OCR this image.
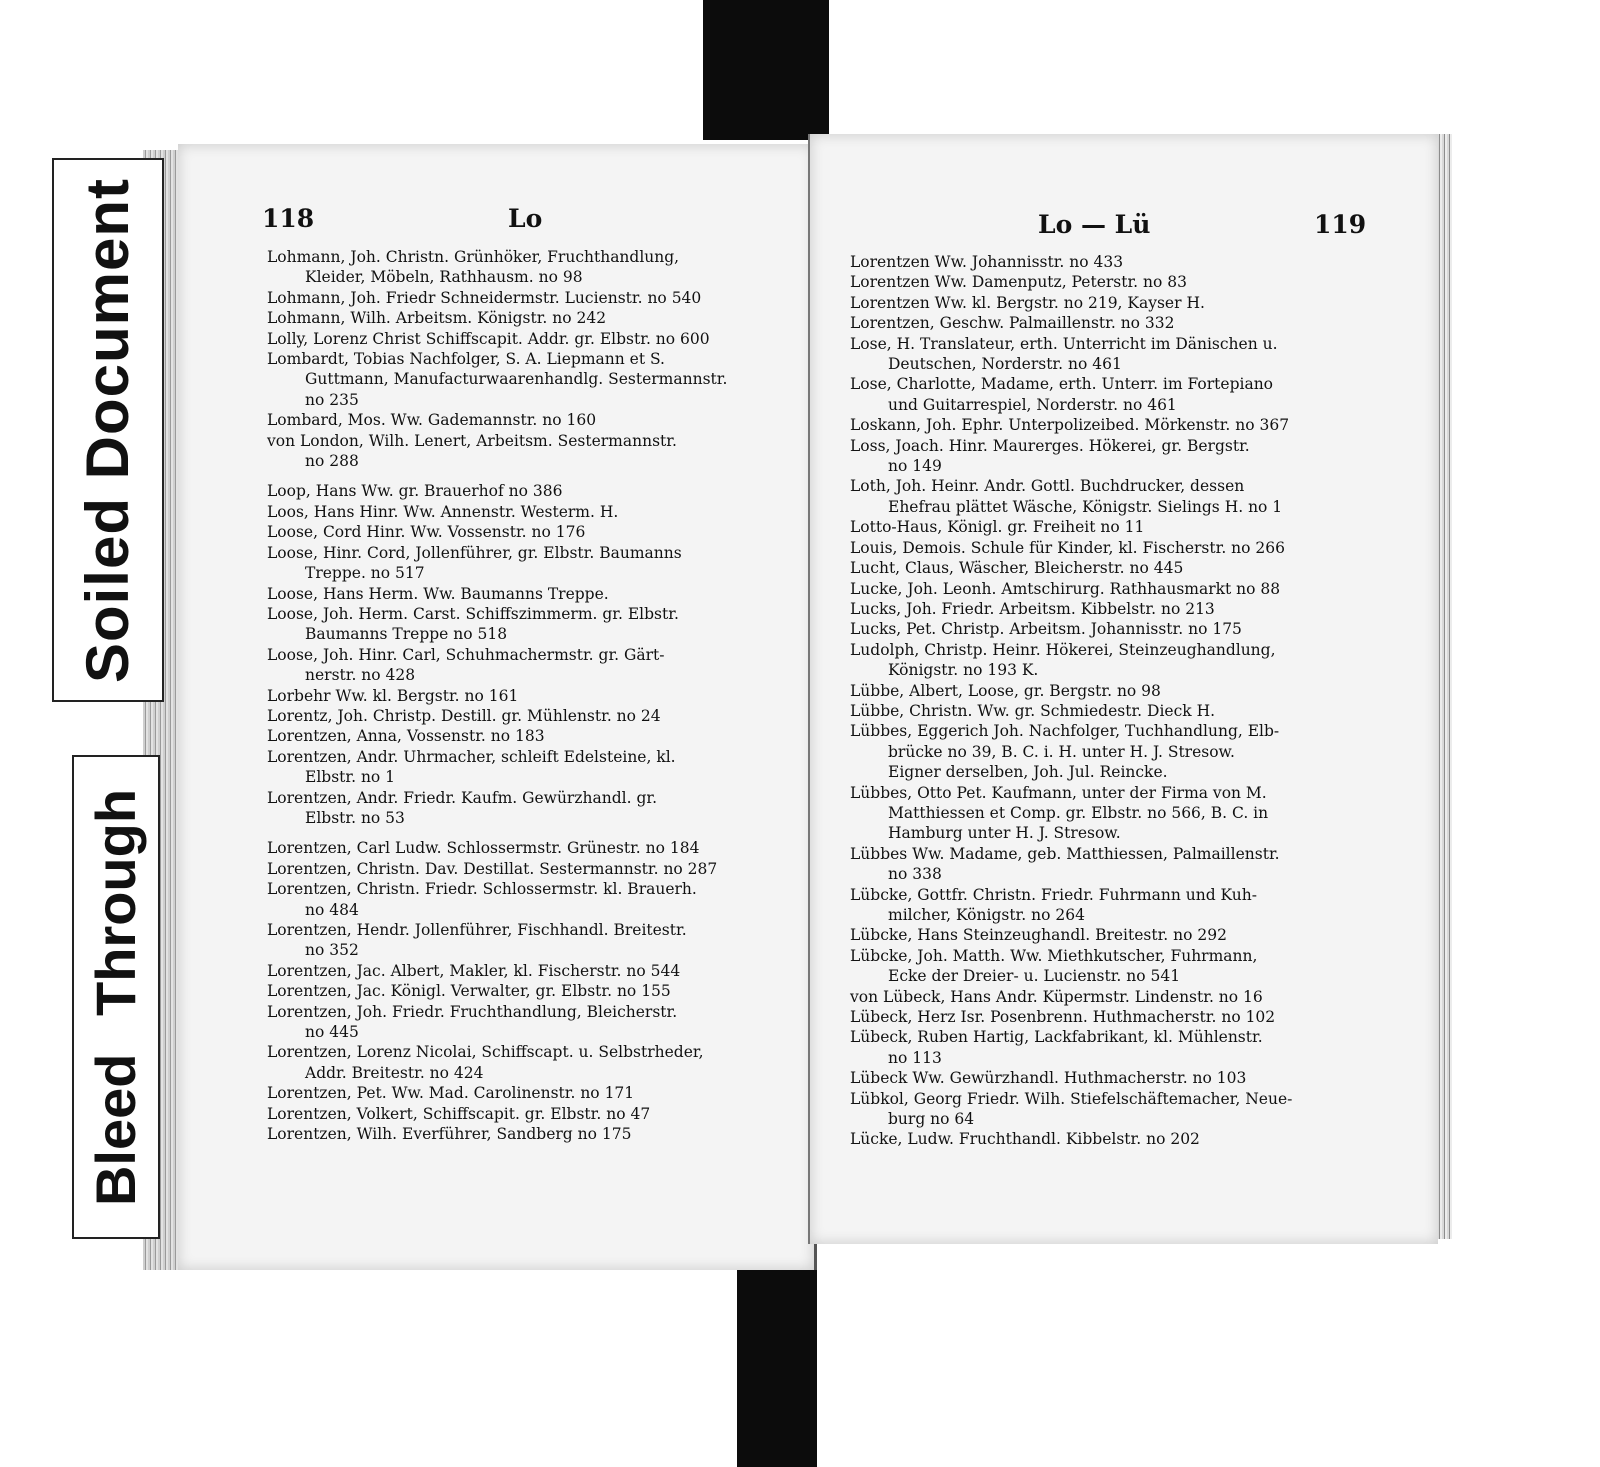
Soiled Document
Bleed Through
118	Lo	Lo — Lü	119
Lohmann, Joh. Christn. Grünhöker, Fruchthandlung,
Kleider, Möbeln, Rathhausm. no 98
Lohmann, Joh. Friedr Schneidermstr. Lucienstr. no 540
Lohmann, Wilh. Arbeitsm. Königstr. no 242
Lolly, Lorenz Christ Schiffscapit. Addr. gr. Elbstr. no 600
Lombardt, Tobias Nachfolger, S. A. Liepmann et S.
Guttmann, Manufacturwaarenhandlg. Sestermannstr.
no 235
Lombard, Mos. Ww. Gademannstr. no 160
von London, Wilh. Lenert, Arbeitsm. Sestermannstr.
no 288
Loop, Hans Ww. gr. Brauerhof no 386
Loos, Hans Hinr. Ww. Annenstr. Westerm. H.
Loose, Cord Hinr. Ww. Vossenstr. no 176
Loose, Hinr. Cord, Jollenführer, gr. Elbstr. Baumanns
Treppe. no 517
Loose, Hans Herm. Ww. Baumanns Treppe.
Loose, Joh. Herm. Carst. Schiffszimmerm. gr. Elbstr.
Baumanns Treppe no 518
Loose, Joh. Hinr. Carl, Schuhmachermstr. gr. Gärt-
nerstr. no 428
Lorbehr Ww. kl. Bergstr. no 161
Lorentz, Joh. Christp. Destill. gr. Mühlenstr. no 24
Lorentzen, Anna, Vossenstr. no 183
Lorentzen, Andr. Uhrmacher, schleift Edelsteine, kl.
Elbstr. no 1
Lorentzen, Andr. Friedr. Kaufm. Gewürzhandl. gr.
Elbstr. no 53
Lorentzen, Carl Ludw. Schlossermstr. Grünestr. no 184
Lorentzen, Christn. Dav. Destillat. Sestermannstr. no 287
Lorentzen, Christn. Friedr. Schlossermstr. kl. Brauerh.
no 484
Lorentzen, Hendr. Jollenführer, Fischhandl. Breitestr.
no 352
Lorentzen, Jac. Albert, Makler, kl. Fischerstr. no 544
Lorentzen, Jac. Königl. Verwalter, gr. Elbstr. no 155
Lorentzen, Joh. Friedr. Fruchthandlung, Bleicherstr.
no 445
Lorentzen, Lorenz Nicolai, Schiffscapt. u. Selbstrheder,
Addr. Breitestr. no 424
Lorentzen, Pet. Ww. Mad. Carolinenstr. no 171
Lorentzen, Volkert, Schiffscapit. gr. Elbstr. no 47
Lorentzen, Wilh. Everführer, Sandberg no 175
Lorentzen Ww. Johannisstr. no 433
Lorentzen Ww. Damenputz, Peterstr. no 83
Lorentzen Ww. kl. Bergstr. no 219, Kayser H.
Lorentzen, Geschw. Palmaillenstr. no 332
Lose, H. Translateur, erth. Unterricht im Dänischen u.
Deutschen, Norderstr. no 461
Lose, Charlotte, Madame, erth. Unterr. im Fortepiano
und Guitarrespiel, Norderstr. no 461
Loskann, Joh. Ephr. Unterpolizeibed. Mörkenstr. no 367
Loss, Joach. Hinr. Maurerges. Hökerei, gr. Bergstr.
no 149
Loth, Joh. Heinr. Andr. Gottl. Buchdrucker, dessen
Ehefrau plättet Wäsche, Königstr. Sielings H. no 1
Lotto-Haus, Königl. gr. Freiheit no 11
Louis, Demois. Schule für Kinder, kl. Fischerstr. no 266
Lucht, Claus, Wäscher, Bleicherstr. no 445
Lucke, Joh. Leonh. Amtschirurg. Rathhausmarkt no 88
Lucks, Joh. Friedr. Arbeitsm. Kibbelstr. no 213
Lucks, Pet. Christp. Arbeitsm. Johannisstr. no 175
Ludolph, Christp. Heinr. Hökerei, Steinzeughandlung,
Königstr. no 193 K.
Lübbe, Albert, Loose, gr. Bergstr. no 98
Lübbe, Christn. Ww. gr. Schmiedestr. Dieck H.
Lübbes, Eggerich Joh. Nachfolger, Tuchhandlung, Elb-
brücke no 39, B. C. i. H. unter H. J. Stresow.
Eigner derselben, Joh. Jul. Reincke.
Lübbes, Otto Pet. Kaufmann, unter der Firma von M.
Matthiessen et Comp. gr. Elbstr. no 566, B. C. in
Hamburg unter H. J. Stresow.
Lübbes Ww. Madame, geb. Matthiessen, Palmaillenstr.
no 338
Lübcke, Gottfr. Christn. Friedr. Fuhrmann und Kuh-
milcher, Königstr. no 264
Lübcke, Hans Steinzeughandl. Breitestr. no 292
Lübcke, Joh. Matth. Ww. Miethkutscher, Fuhrmann,
Ecke der Dreier- u. Lucienstr. no 541
von Lübeck, Hans Andr. Küpermstr. Lindenstr. no 16
Lübeck, Herz Isr. Posenbrenn. Huthmacherstr. no 102
Lübeck, Ruben Hartig, Lackfabrikant, kl. Mühlenstr.
no 113
Lübeck Ww. Gewürzhandl. Huthmacherstr. no 103
Lübkol, Georg Friedr. Wilh. Stiefelschäftemacher, Neue-
burg no 64
Lücke, Ludw. Fruchthandl. Kibbelstr. no 202
